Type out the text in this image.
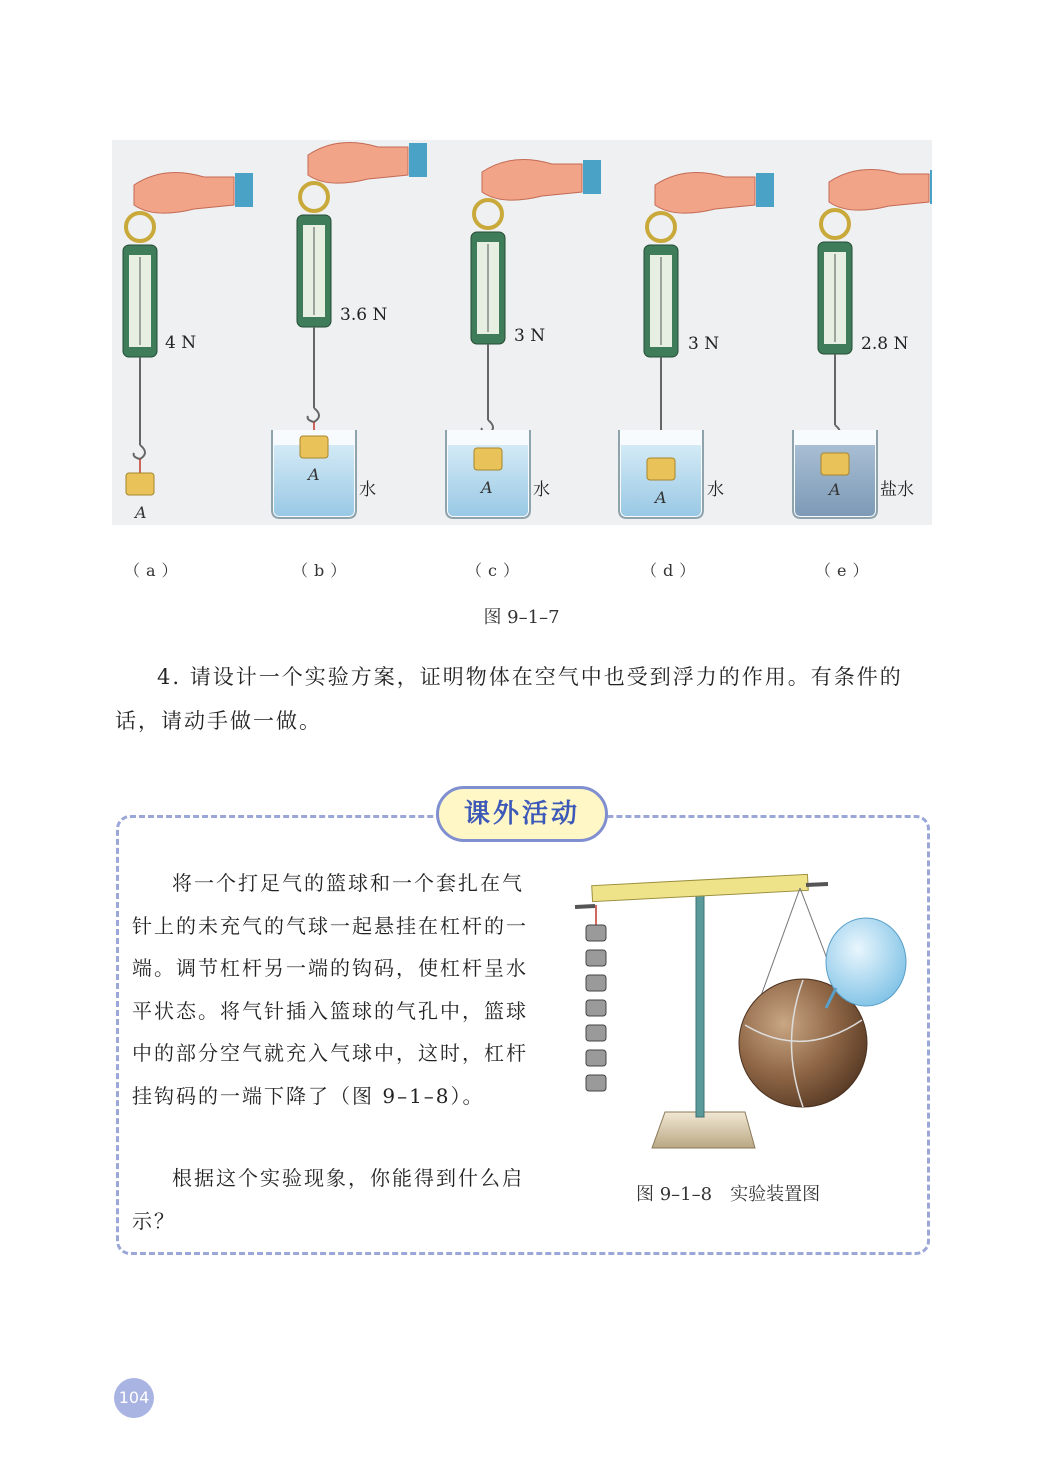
4 N
3.6 N
3 N	3 N	2.8 N
水	水	水	盐水
A
A
A
A	A
（a）	（b）	（c）	（d）	（e）
图 9–1–7
4. 请设计一个实验方案，证明物体在空气中也受到浮力的作用。有条件的话，请动手做一做。
课外活动
将一个打足气的篮球和一个套扎在气针上的未充气的气球一起悬挂在杠杆的一端。调节杠杆另一端的钩码，使杠杆呈水平状态。将气针插入篮球的气孔中，篮球中的部分空气就充入气球中，这时，杠杆挂钩码的一端下降了（图 9–1–8）。
根据这个实验现象，你能得到什么启示？
图 9–1–8　实验装置图
104
